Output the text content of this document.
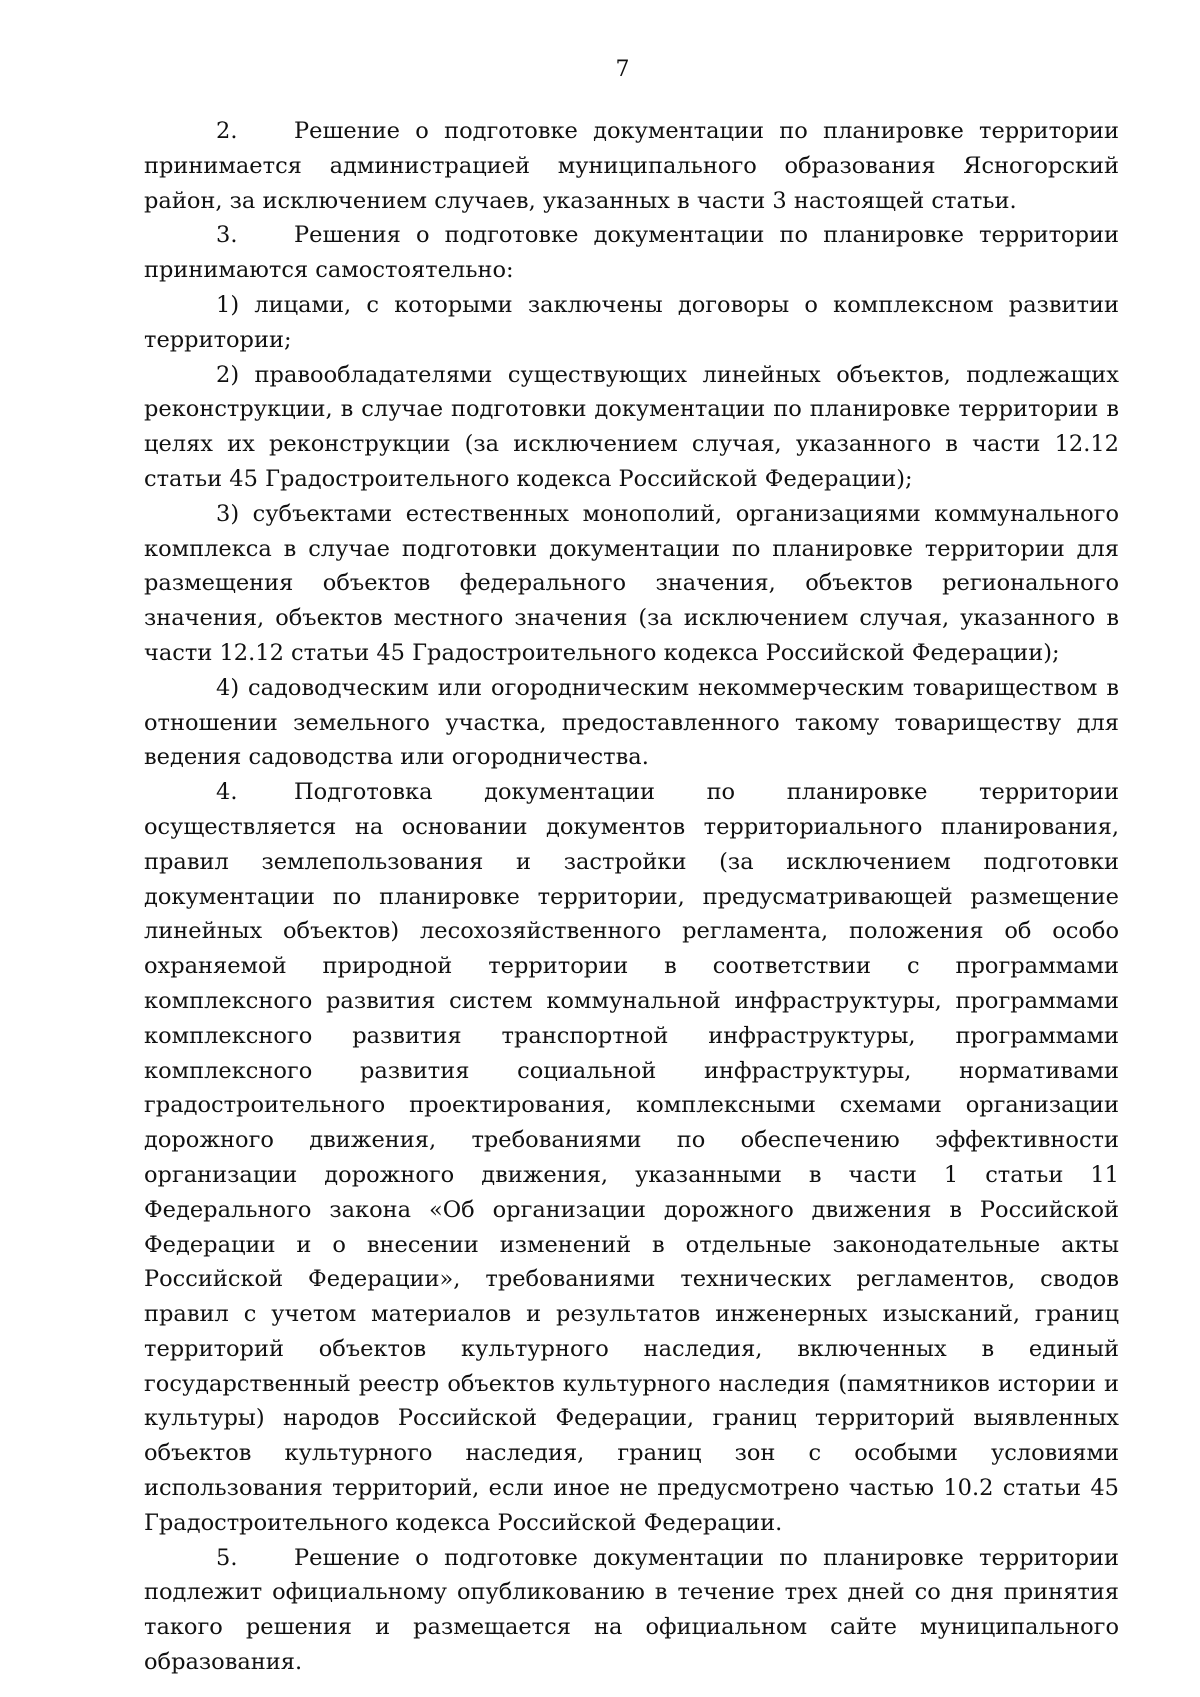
7

2.	Решение о подготовке документации по планировке территории принимается администрацией муниципального образования Ясногорский район, за исключением случаев, указанных в части 3 настоящей статьи.

3.	Решения о подготовке документации по планировке территории принимаются самостоятельно:

1) лицами, с которыми заключены договоры о комплексном развитии территории;

2) правообладателями существующих линейных объектов, подлежащих реконструкции, в случае подготовки документации по планировке территории в целях их реконструкции (за исключением случая, указанного в части 12.12 статьи 45 Градостроительного кодекса Российской Федерации);

3) субъектами естественных монополий, организациями коммунального комплекса в случае подготовки документации по планировке территории для размещения объектов федерального значения, объектов регионального значения, объектов местного значения (за исключением случая, указанного в части 12.12 статьи 45 Градостроительного кодекса Российской Федерации);

4) садоводческим или огородническим некоммерческим товариществом в отношении земельного участка, предоставленного такому товариществу для ведения садоводства или огородничества.

4.	Подготовка документации по планировке территории осуществляется на основании документов территориального планирования, правил землепользования и застройки (за исключением подготовки документации по планировке территории, предусматривающей размещение линейных объектов) лесохозяйственного регламента, положения об особо охраняемой природной территории в соответствии с программами комплексного развития систем коммунальной инфраструктуры, программами комплексного развития транспортной инфраструктуры, программами комплексного развития социальной инфраструктуры, нормативами градостроительного проектирования, комплексными схемами организации дорожного движения, требованиями по обеспечению эффективности организации дорожного движения, указанными в части 1 статьи 11 Федерального закона «Об организации дорожного движения в Российской Федерации и о внесении изменений в отдельные законодательные акты Российской Федерации», требованиями технических регламентов, сводов правил с учетом материалов и результатов инженерных изысканий, границ территорий объектов культурного наследия, включенных в единый государственный реестр объектов культурного наследия (памятников истории и культуры) народов Российской Федерации, границ территорий выявленных объектов культурного наследия, границ зон с особыми условиями использования территорий, если иное не предусмотрено частью 10.2 статьи 45 Градостроительного кодекса Российской Федерации.

5.	Решение о подготовке документации по планировке территории подлежит официальному опубликованию в течение трех дней со дня принятия такого решения и размещается на официальном сайте муниципального образования.
